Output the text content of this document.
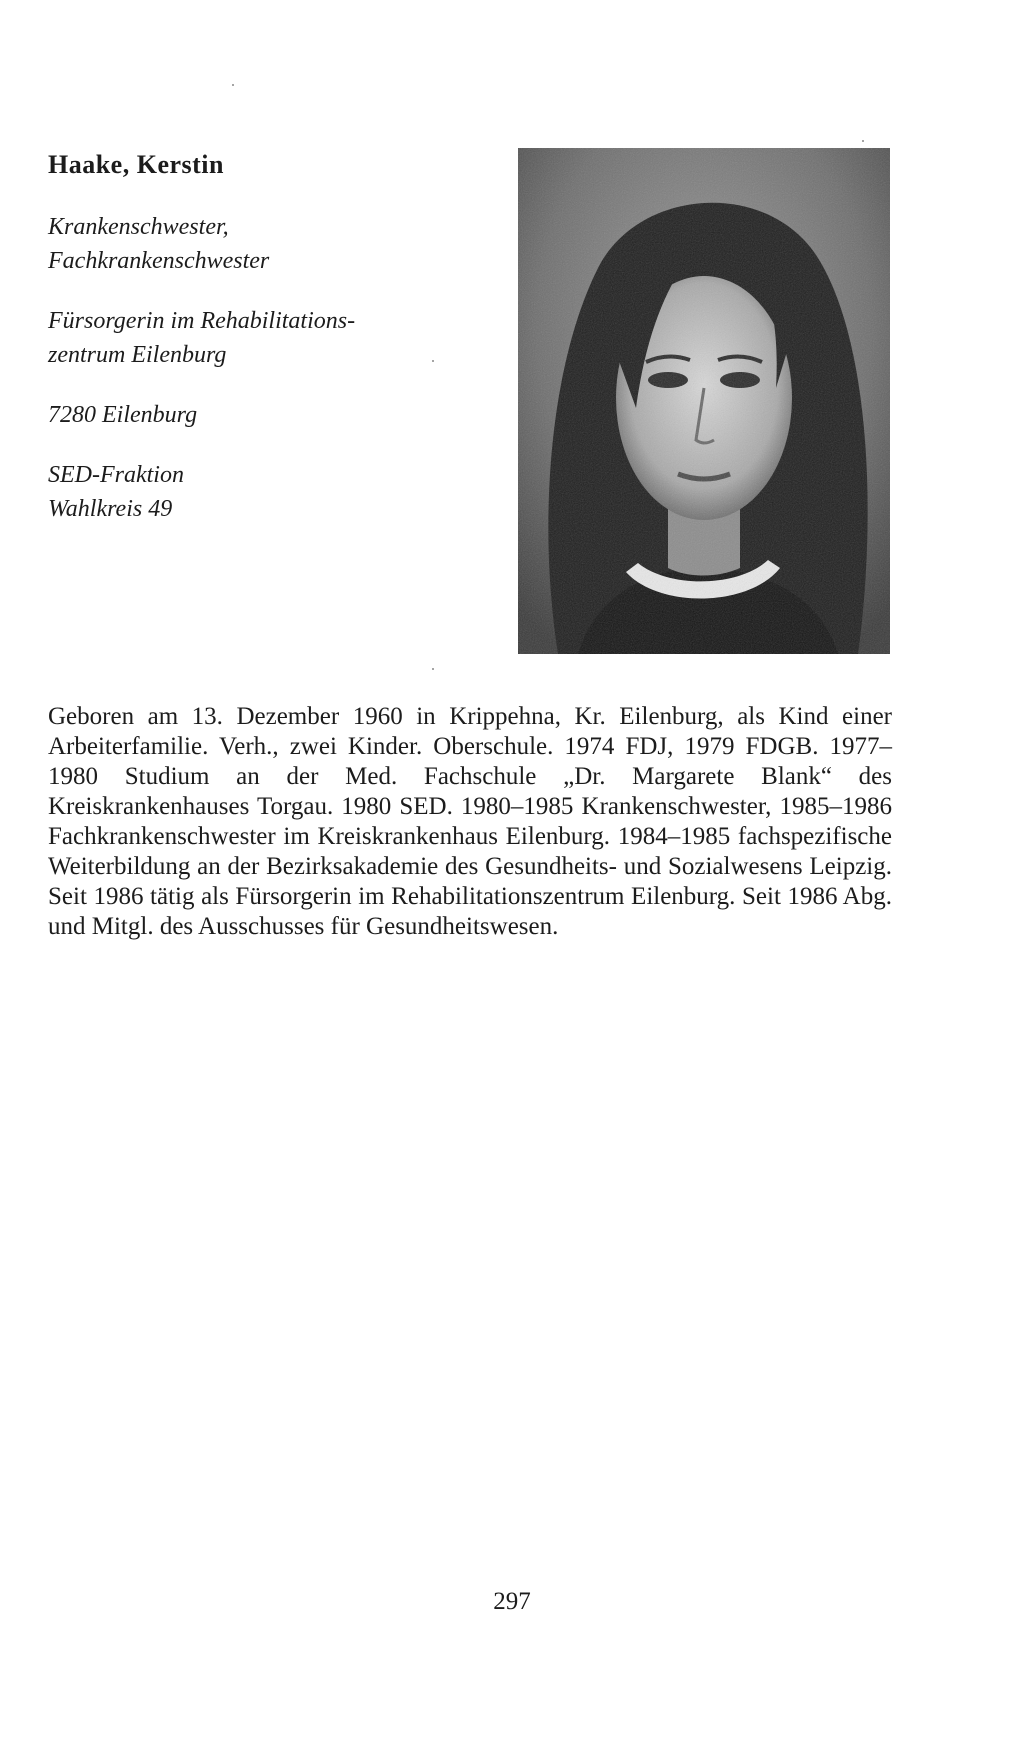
Haake, Kerstin
Krankenschwester,
Fachkrankenschwester
Fürsorgerin im Rehabilitations-
zentrum Eilenburg
7280 Eilenburg
SED-Fraktion
Wahlkreis 49

Geboren am 13. Dezember 1960 in Krippehna, Kr. Eilenburg, als Kind einer Arbeiterfamilie. Verh., zwei Kinder. Oberschule. 1974 FDJ, 1979 FDGB. 1977–1980 Studium an der Med. Fachschule „Dr. Margarete Blank“ des Kreiskrankenhauses Torgau. 1980 SED. 1980–1985 Krankenschwester, 1985–1986 Fachkrankenschwester im Kreiskrankenhaus Eilenburg. 1984–1985 fachspezifische Weiterbildung an der Bezirksakademie des Gesundheits- und Sozialwesens Leipzig. Seit 1986 tätig als Fürsorgerin im Rehabilitationszentrum Eilenburg. Seit 1986 Abg. und Mitgl. des Ausschusses für Gesundheitswesen.

297
